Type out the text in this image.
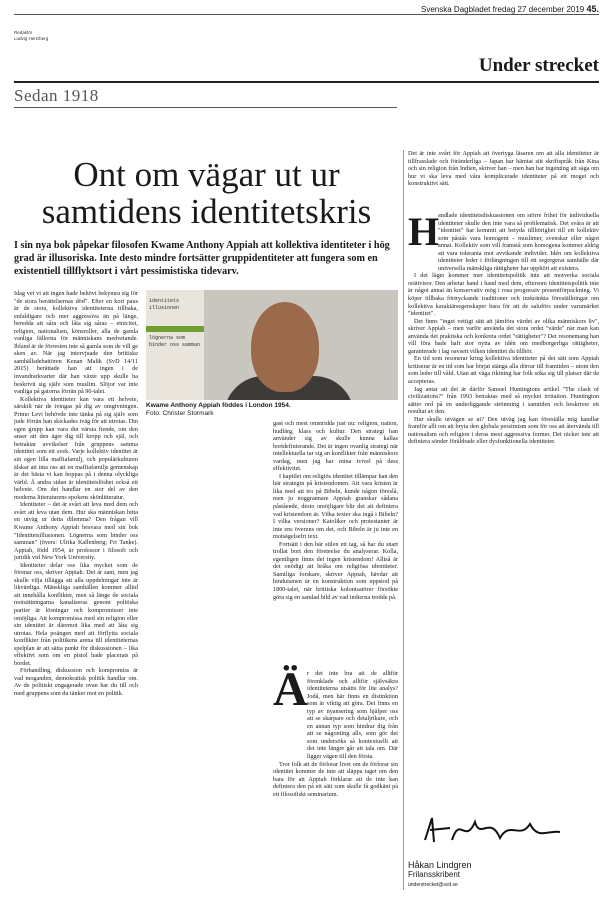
Svenska Dagbladet fredag 27 december 2019 45.
Redaktör
Ludvig Hertzberg
Under strecket
Sedan 1918
Ont om vägar ut ur samtidens identitetskris
I sin nya bok påpekar filosofen Kwame Anthony Appiah att kollektiva identiteter i hög grad är illusoriska. Inte desto mindre fortsätter gruppidentiteter att fungera som en existentiell tillflyktsort i vårt pessimistiska tidevarv.

Idag vet vi att ingen hade behövt bekymra sig för "de stora berättelsernas död". Efter en kort paus är de stora, kollektiva identiteterna tillbaka, enfaldigare och mer aggressiva än på länge, beredda att såra och låta sig såras – etnicitet, religion, nationalism, könsroller, alla de gamla vanliga fällorna för människans medvetande. Ibland är de förresten inte så gamla som de vill ge sken av. När jag intervjuade den brittiske samhällsdebattören Kenan Malik (SvD 14/11 2015) berättade han att ingen i de invandrarkvarter där han växte upp skulle ha beskrivit sig själv som muslim. Slöjor var inte vanliga på gatorna förrän på 90-talet.

Kollektiva identiteter kan vara ett helvete, särskilt när de tvingas på dig av omgivningen. Primo Levi behövde inte tänka på sig själv som jude förrän han skickades iväg för att utrotas. Din egen grupp kan vara din värsta fiende, om den anser att den äger dig till kropp och själ, och betraktar avvikelser från gruppens samma identitet som ett svek. Varje kollektiv identitet är sin egen lilla maffiafamilj, och populärkulturen älskar att inta oss att en maffiafamiljs gemenskap är det bästa vi kan hoppas på i denna olyckliga värld. Å andra sidan är identitetslöshet också ett helvete. Om det handlar en stor del av den moderna litteraturens epokens skönlitteratur.

Identiteter – det är svårt att leva med dem och svårt att leva utan dem. Hur ska människan hitta en utväg ur detta dilemma? Den frågan vill Kwame Anthony Appiah besvara med sin bok "Identitetsillusionen. Lögnerna som binder oss samman" (övers: Ulrika Kallenberg; Fri Tanke). Appiah, född 1954, är professor i filosofi och juridik vid New York University.

Identiteter delar oss lika mycket som de förenar oss, skriver Appiah. Det är sant, men jag skulle vilja tillägga att alla uppdelningar inte är likvärdiga. Mänskliga samhällen kommer alltid att innehålla konflikter, men så länge de sociala motsättningarna kanaliseras genom politiska partier är lösningar och kompromisser inte omöjliga. Att kompromissa med sin religion eller sin identitet är däremot lika med att låta sig utrotas. Hela poängen med att förflytta sociala konflikter från politikens arena till identiteternas spelplan är att sätta punkt för diskussionen – lika effektivt som om en pistol hade placerats på bordet.

Förhandling, diskussion och kompromiss är vad moganden, demokratisk politik handlar om. Av de politiskt engagerade ovan har du till och med gruppens som du tänker mot en politik.

identitets illusionen
lögnerna som binder oss samman
Kwame Anthony Appiah föddes i London 1954.
Foto: Christer Stormark

gast och mest omstridda just nu: religion, nation, hudfärg, klass och kultur. Den strategi han använder sig av skulle kunna kallas bortdefinierande. Det är ingen ovanlig strategi när intellektuella tar sig an konflikter från människors vardag, men jag har mina tvivel på dess effektivitet.

I kapitlet om religiös identitet tillämpar han den här strategin på kristendomen. Att vara kristen är lika med att tro på Bibeln, kunde någon föreslå, men ju noggrannare Appiah granskar sådana påstående, desto omöjligare blir det att definiera vad kristendom är. Vilka texter ska ingå i Bibeln? I vilka versioner? Katoliker och protestanter är inte ens överens om det, och Bibeln är ju inte en motsägelsefri text.

Fortsätt i den här stilen ett tag, så har du snart trollat bort den företeelse du analyserar. Kolla, egentligen finns det ingen kristendom! Alltså är det onödigt att bråka om religiösa identiteter. Samtliga forskare, skriver Appiah, hävdar att hinduismen är en konstruktion som uppstod på 1800-talet, när brittiska kolonisatörer försökte göra sig en samlad bild av vad indierna trodde på.

r det inte bra att de alltför förenklade och alltför självsäkra identiteterna utsätts för lite analys? Jodå, men här finns en distinktion som är viktig att göra. Det finns en typ av nyansering som hjälper oss att se skarpare och detaljrikare, och en annan typ som hindrar dig från att se någonting alls, som gör det som undersöks så kontextuellt att det inte längre går att tala om. Där ligger vägen till den första.

Tror folk att de förlorar livet om de förlorar sin identitet kommer de inte att släppa taget om den bara för att Appiah förklarar att de inte kan definiera den på ett sätt som skulle få godkänt på ett filosofiskt seminarium.

Ä

Det är inte svårt för Appiah att övertyga läsaren om att alla identiteter är tillfrasslade och föränderliga – Japan har hämtat sitt skriftspråk från Kina och sin religion från Indien, skriver han – men han har ingenting att säga om hur vi ska leva med våra komplicerade identiteter på ett moget och konstruktivt sätt.

andlade identitetsdiskussionen om större frihet för individuella identiteter skulle den inte vara så problematisk. Det svåra är att "identitet" har kommit att betyda tillhörighet till ett kollektiv som påstås vara homogent – muslimer, svenskar eller något annat. Kollektiv som vill framstå som homogena kommer aldrig att vara toleranta mot avvikande individer. Idén om kollektiva identiteter leder i förlängningen till ett segregerat samhälle där universella mänskliga rättigheter har upphört att existera.

I det läget kommer mer identitetspolitik inte att motverka sociala orättvisor. Den arbetar hand i hand med dem, eftersom identitetspolitik inte är något annat än konservativ mög i rosa progressiv presentförpackning. Vi köper tillbaka förtryckande traditioner och inskränkta föreställningar om kollektiva karaktärsegenskaper bara för att de saluförs under varumärket "identitet".

Det finns "inget vettigt sätt att jämföra värdet av olika människors liv", skriver Appiah – men varför använda det stora ordet "värde" när man kan använda det praktiska och konkreta ordet "rättigheter"? Det resonemang han vill föra hade haft stor nytta av idén om medborgerliga rättigheter, garanterade i lag oavsett vilken identitet du tillhör.

En tid som resonerar kring kollektiva identiteter på det sätt som Appiah kritiserar är en tid som har börjat stänga alla dörrar till framtiden – utom den som leder till våld. Utan att väga riktning har folk söka sig till platser där de accepteras.

Jag antar att det är därför Samuel Huntingtons artikel "The clash of civilizations?" från 1993 betraktas med så mycket irritation. Huntington sätter ord på en underliggande strömning i samtiden och beskriver ett resultat av den.

Hur skulle utvägen se ut? Den utväg jag kan föreställa mig handlar framför allt om att bryta den globala pessimism som för oss att återvända till nationalism och religion i deras mest aggressiva former. Det räcker inte att definiera sönder föräldrade eller dysfunktionella identiteter.

H
Håkan Lindgren
Frilansskribent
understrecket@svd.se
